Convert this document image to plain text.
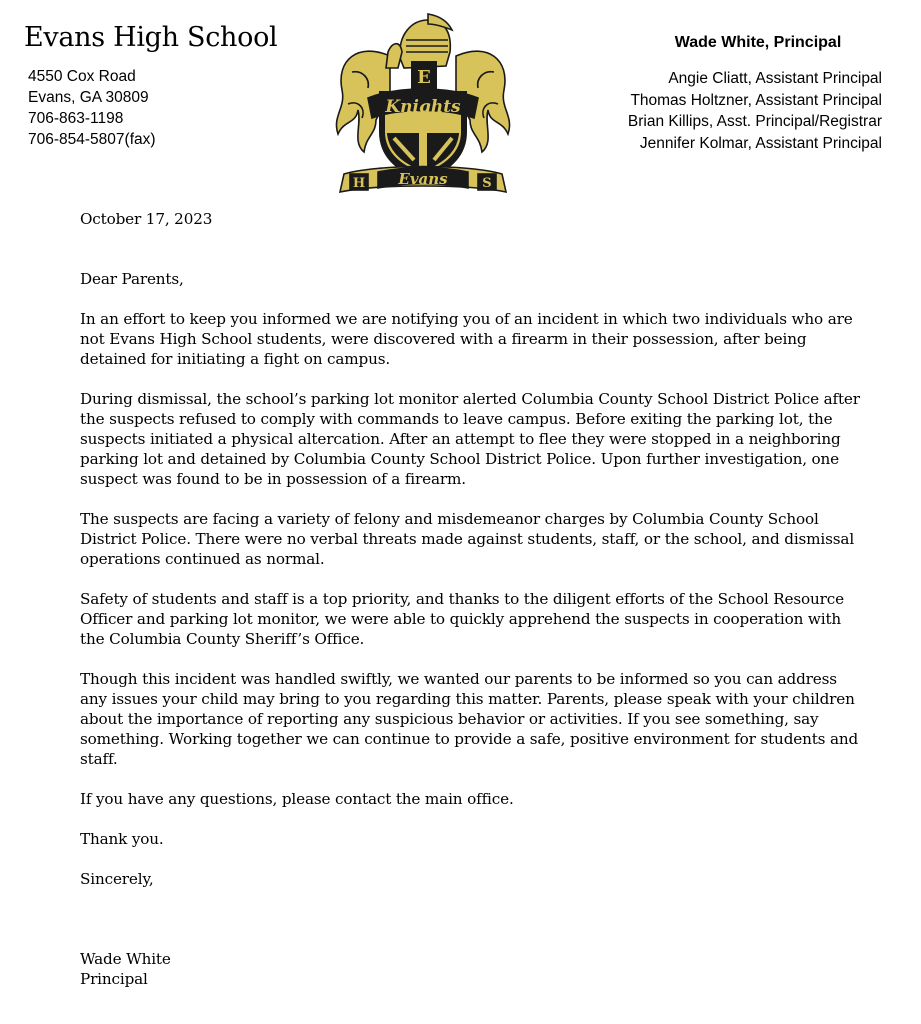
Evans High School
4550 Cox Road
Evans, GA 30809
706-863-1198
706-854-5807(fax)
E
Knights
H	S
Evans
Wade White, Principal
Angie Cliatt, Assistant Principal
Thomas Holtzner, Assistant Principal
Brian Killips, Asst. Principal/Registrar
Jennifer Kolmar, Assistant Principal

October 17, 2023

Dear Parents,

In an effort to keep you informed we are notifying you of an incident in which two individuals who are not Evans High School students, were discovered with a firearm in their possession, after being detained for initiating a fight on campus.

During dismissal, the school’s parking lot monitor alerted Columbia County School District Police after the suspects refused to comply with commands to leave campus. Before exiting the parking lot, the suspects initiated a physical altercation. After an attempt to flee they were stopped in a neighboring parking lot and detained by Columbia County School District Police. Upon further investigation, one suspect was found to be in possession of a firearm.

The suspects are facing a variety of felony and misdemeanor charges by Columbia County School District Police. There were no verbal threats made against students, staff, or the school, and dismissal operations continued as normal.

Safety of students and staff is a top priority, and thanks to the diligent efforts of the School Resource Officer and parking lot monitor, we were able to quickly apprehend the suspects in cooperation with the Columbia County Sheriff’s Office.

Though this incident was handled swiftly, we wanted our parents to be informed so you can address any issues your child may bring to you regarding this matter. Parents, please speak with your children about the importance of reporting any suspicious behavior or activities. If you see something, say something. Working together we can continue to provide a safe, positive environment for students and staff.

If you have any questions, please contact the main office.

Thank you.

Sincerely,

Wade White
Principal
